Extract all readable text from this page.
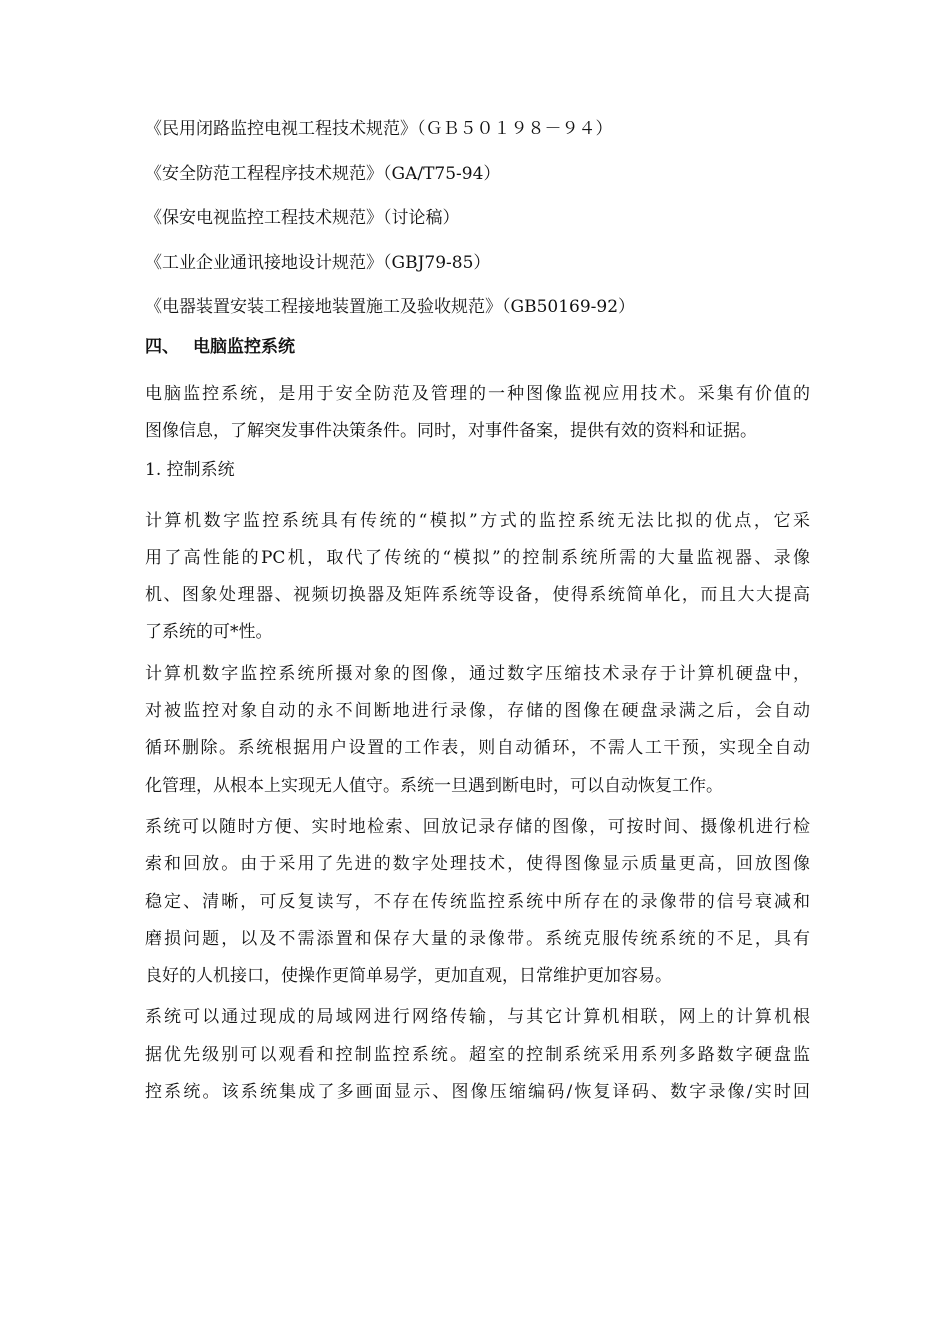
《民用闭路监控电视工程技术规范》（ＧＢ５０１９８－９４）
《安全防范工程程序技术规范》（GA/T75-94）
《保安电视监控工程技术规范》（讨论稿）
《工业企业通讯接地设计规范》（GBJ79-85）
《电器装置安装工程接地装置施工及验收规范》（GB50169-92）
四、 电脑监控系统
电脑监控系统，是用于安全防范及管理的一种图像监视应用技术。采集有价值的
图像信息，了解突发事件决策条件。同时，对事件备案，提供有效的资料和证据。
1. 控制系统
计算机数字监控系统具有传统的“模拟”方式的监控系统无法比拟的优点，它采
用了高性能的PC机，取代了传统的“模拟”的控制系统所需的大量监视器、录像
机、图象处理器、视频切换器及矩阵系统等设备，使得系统简单化，而且大大提高
了系统的可*性。
计算机数字监控系统所摄对象的图像，通过数字压缩技术录存于计算机硬盘中，
对被监控对象自动的永不间断地进行录像，存储的图像在硬盘录满之后，会自动
循环删除。系统根据用户设置的工作表，则自动循环，不需人工干预，实现全自动
化管理，从根本上实现无人值守。系统一旦遇到断电时，可以自动恢复工作。
系统可以随时方便、实时地检索、回放记录存储的图像，可按时间、摄像机进行检
索和回放。由于采用了先进的数字处理技术，使得图像显示质量更高，回放图像
稳定、清晰，可反复读写，不存在传统监控系统中所存在的录像带的信号衰减和
磨损问题，以及不需添置和保存大量的录像带。系统克服传统系统的不足，具有
良好的人机接口，使操作更简单易学，更加直观，日常维护更加容易。
系统可以通过现成的局域网进行网络传输，与其它计算机相联，网上的计算机根
据优先级别可以观看和控制监控系统。超室的控制系统采用系列多路数字硬盘监
控系统。该系统集成了多画面显示、图像压缩编码/恢复译码、数字录像/实时回
